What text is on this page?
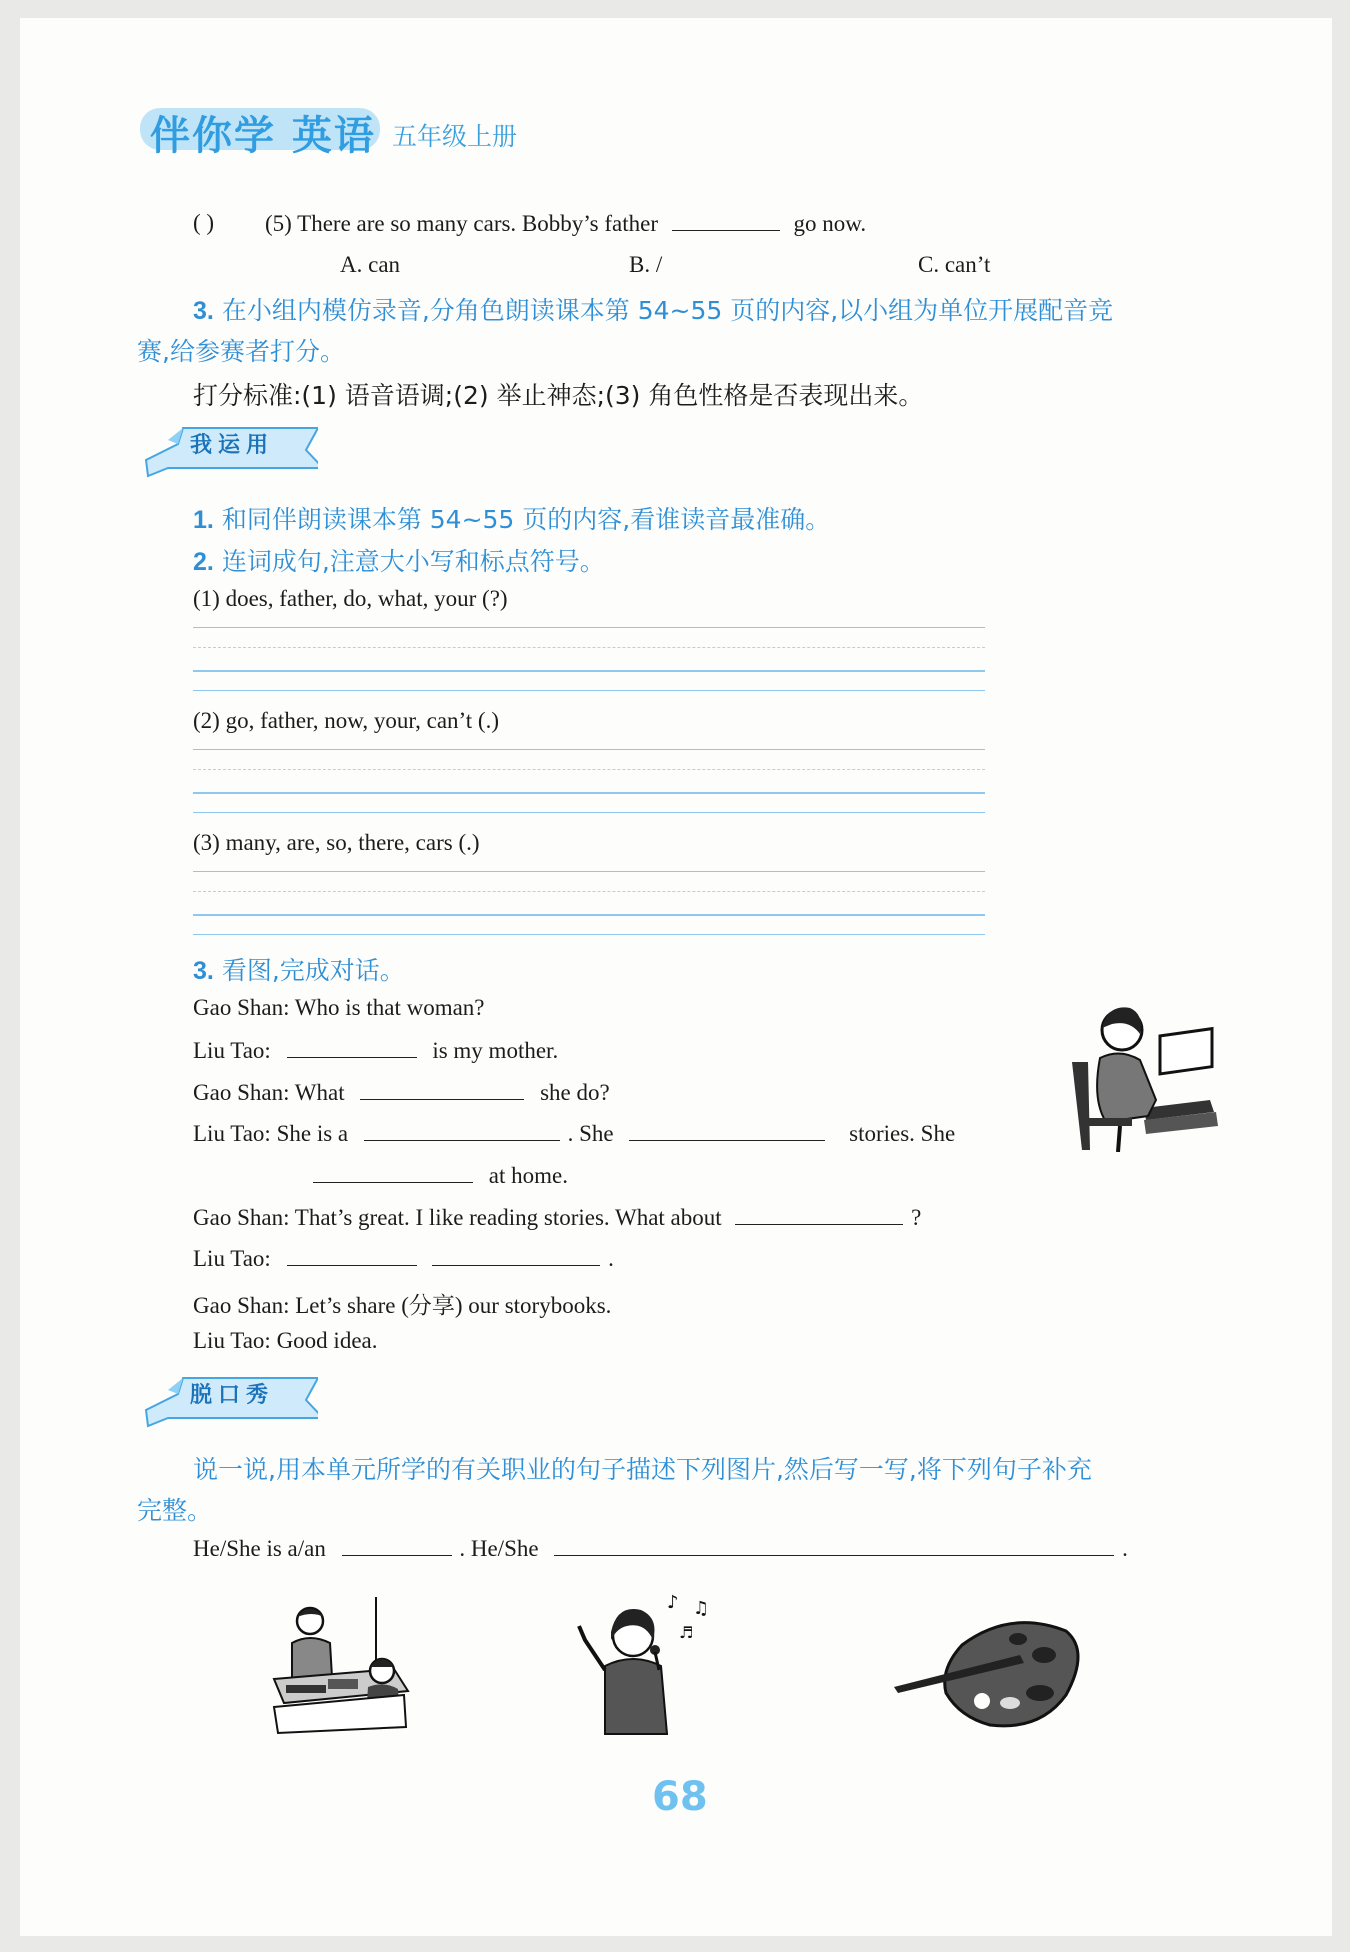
伴你学 英语 五年级上册
( ) (5) There are so many cars. Bobby’s father	go now.
A. can	B. /	C. can’t
3. 在小组内模仿录音,分角色朗读课本第 54~55 页的内容,以小组为单位开展配音竞
赛,给参赛者打分。
打分标准:(1) 语音语调;(2) 举止神态;(3) 角色性格是否表现出来。
我运用
1. 和同伴朗读课本第 54~55 页的内容,看谁读音最准确。
2. 连词成句,注意大小写和标点符号。
(1) does, father, do, what, your (?)
(2) go, father, now, your, can’t (.)
(3) many, are, so, there, cars (.)
3. 看图,完成对话。
Gao Shan: Who is that woman?
Liu Tao:	is my mother.
Gao Shan: What	she do?
Liu Tao: She is a	. She	stories. She
at home.
Gao Shan: That’s great. I like reading stories. What about	?
Liu Tao:	.
Gao Shan: Let’s share (分享) our storybooks.
Liu Tao: Good idea.
脱口秀
说一说,用本单元所学的有关职业的句子描述下列图片,然后写一写,将下列句子补充
完整。
He/She is a/an	. He/She	.
♪ ♫
♬
68
